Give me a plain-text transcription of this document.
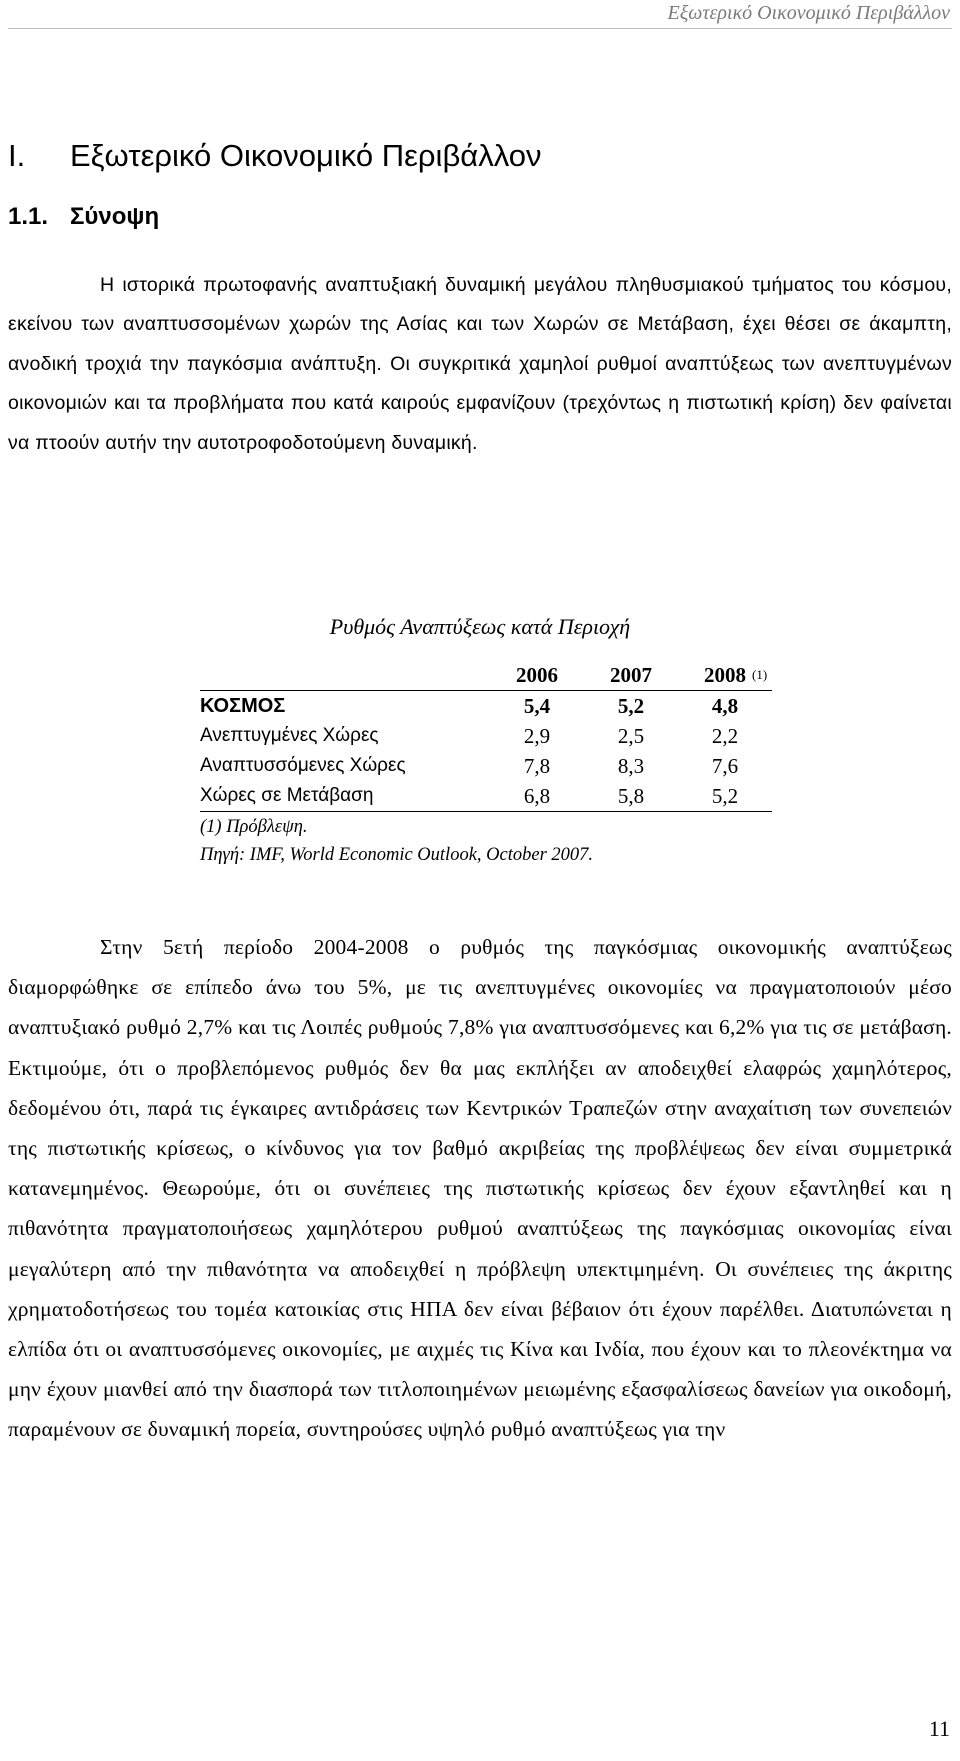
Εξωτερικό Οικονομικό Περιβάλλον
I. Εξωτερικό Οικονομικό Περιβάλλον
1.1. Σύνοψη

Η ιστορικά πρωτοφανής αναπτυξιακή δυναμική μεγάλου πληθυσμιακού τμήματος του κόσμου, εκείνου των αναπτυσσομένων χωρών της Ασίας και των Χωρών σε Μετάβαση, έχει θέσει σε άκαμπτη, ανοδική τροχιά την παγκόσμια ανάπτυξη. Οι συγκριτικά χαμηλοί ρυθμοί αναπτύξεως των ανεπτυγμένων οικονομιών και τα προβλήματα που κατά καιρούς εμφανίζουν (τρεχόντως η πιστωτική κρίση) δεν φαίνεται να πτοούν αυτήν την αυτοτροφοδοτούμενη δυναμική.

Ρυθμός Αναπτύξεως κατά Περιοχή
	2006	2007	2008 (1)

ΚΟΣΜΟΣ	5,4	5,2	4,8
Ανεπτυγμένες Χώρες	2,9	2,5	2,2
Αναπτυσσόμενες Χώρες	7,8	8,3	7,6
Χώρες σε Μετάβαση	6,8	5,8	5,2
(1) Πρόβλεψη.
Πηγή: IMF, World Economic Outlook, October 2007.

Στην 5ετή περίοδο 2004-2008 ο ρυθμός της παγκόσμιας οικονομικής αναπτύξεως διαμορφώθηκε σε επίπεδο άνω του 5%, με τις ανεπτυγμένες οικονομίες να πραγματοποιούν μέσο αναπτυξιακό ρυθμό 2,7% και τις Λοιπές ρυθμούς 7,8% για αναπτυσσόμενες και 6,2% για τις σε μετάβαση. Εκτιμούμε, ότι ο προβλεπόμενος ρυθμός δεν θα μας εκπλήξει αν αποδειχθεί ελαφρώς χαμηλότερος, δεδομένου ότι, παρά τις έγκαιρες αντιδράσεις των Κεντρικών Τραπεζών στην αναχαίτιση των συνεπειών της πιστωτικής κρίσεως, ο κίνδυνος για τον βαθμό ακριβείας της προβλέψεως δεν είναι συμμετρικά κατανεμημένος. Θεωρούμε, ότι οι συνέπειες της πιστωτικής κρίσεως δεν έχουν εξαντληθεί και η πιθανότητα πραγματοποιήσεως χαμηλότερου ρυθμού αναπτύξεως της παγκόσμιας οικονομίας είναι μεγαλύτερη από την πιθανότητα να αποδειχθεί η πρόβλεψη υπεκτιμημένη. Οι συνέπειες της άκριτης χρηματοδοτήσεως του τομέα κατοικίας στις ΗΠΑ δεν είναι βέβαιον ότι έχουν παρέλθει. Διατυπώνεται η ελπίδα ότι οι αναπτυσσόμενες οικονομίες, με αιχμές τις Κίνα και Ινδία, που έχουν και το πλεονέκτημα να μην έχουν μιανθεί από την διασπορά των τιτλοποιημένων μειωμένης εξασφαλίσεως δανείων για οικοδομή, παραμένουν σε δυναμική πορεία, συντηρούσες υψηλό ρυθμό αναπτύξεως για την

11
